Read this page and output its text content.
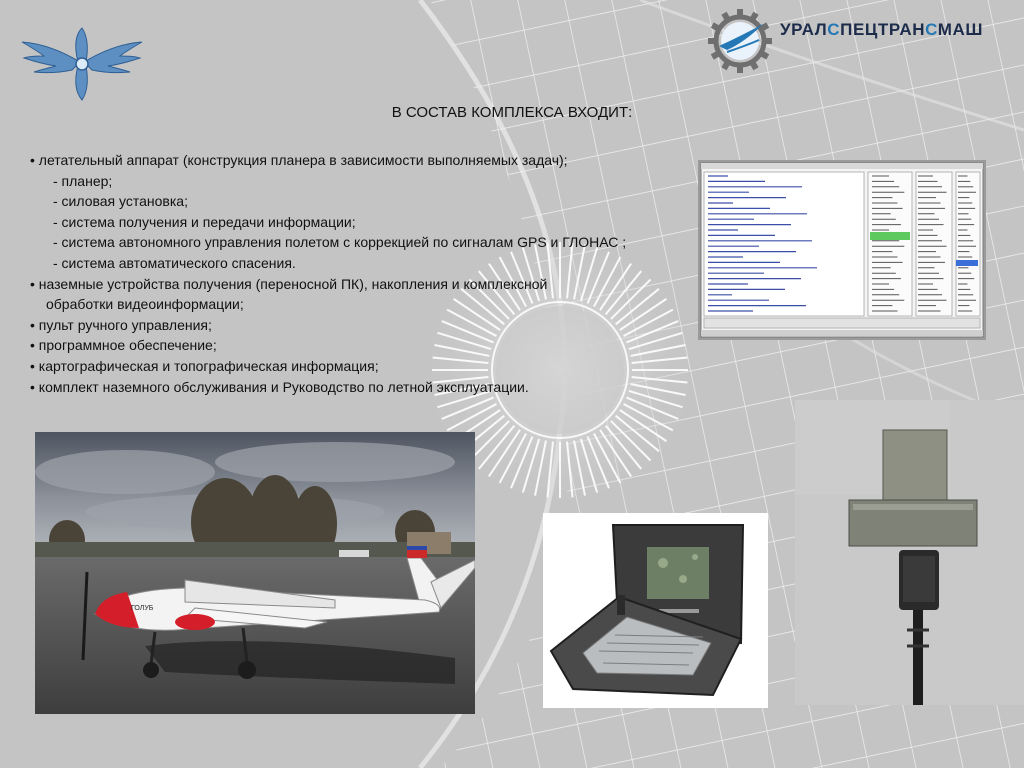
УРАЛСПЕЦТРАНСМАШ
В СОСТАВ КОМПЛЕКСА ВХОДИТ:
• летательный аппарат (конструкция планера в зависимости выполняемых задач);
- планер;
- силовая установка;
- система получения и передачи информации;
- система автономного управления полетом с коррекцией по сигналам GPS и ГЛОНАС ;
- система автоматического спасения.
• наземные устройства получения (переносной ПК), накопления и комплексной
обработки видеоинформации;
• пульт ручного управления;
• программное обеспечение;
• картографическая и топографическая информация;
• комплект наземного обслуживания и Руководство по летной эксплуатации.
ГОЛУБ
